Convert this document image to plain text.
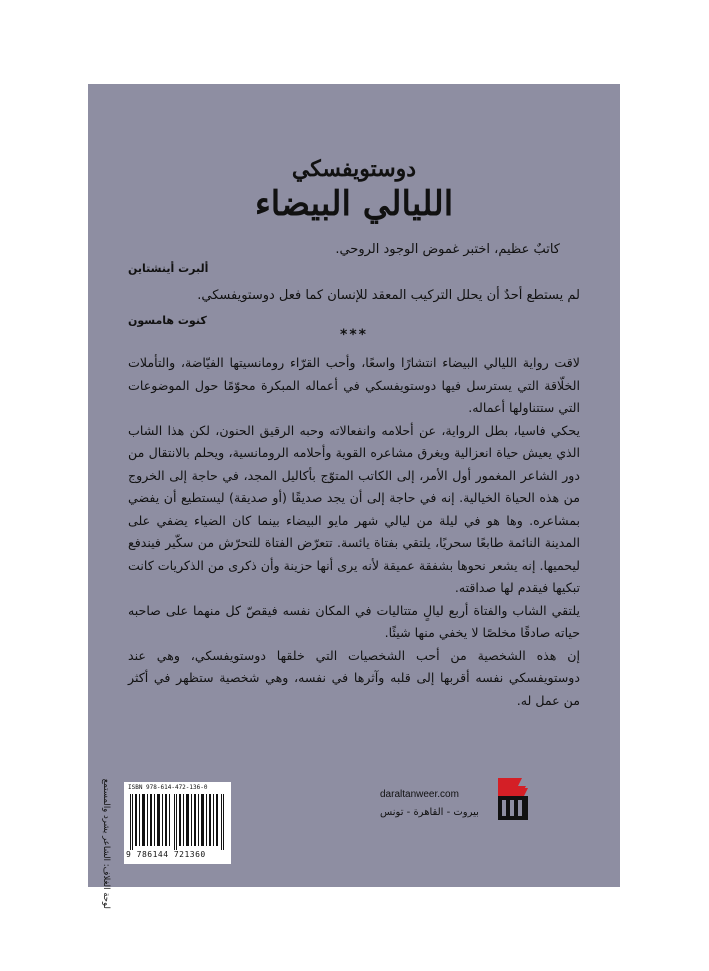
دوستويفسكي
الليالي البيضاء
كاتبٌ عظيم، اختبر غموض الوجود الروحي.
ألبرت أينشتاين
لم يستطع أحدٌ أن يحلل التركيب المعقد للإنسان كما فعل دوستويفسكي.
كنوت هامسون
***

لاقت رواية الليالي البيضاء انتشارًا واسعًا، وأحب القرّاء رومانسيتها الفيّاضة، والتأملات الخلّاقة التي يسترسل فيها دوستويفسكي في أعماله المبكرة محوّمًا حول الموضوعات التي ستتناولها أعماله.

يحكي فاسيا، بطل الرواية، عن أحلامه وانفعالاته وحبه الرقيق الحنون، لكن هذا الشاب الذي يعيش حياة انعزالية ويغرق مشاعره القوية وأحلامه الرومانسية، ويحلم بالانتقال من دور الشاعر المغمور أول الأمر، إلى الكاتب المتوّج بأكاليل المجد، في حاجة إلى الخروج من هذه الحياة الخيالية. إنه في حاجة إلى أن يجد صديقًا (أو صديقة) ليستطيع أن يفضي بمشاعره. وها هو في ليلة من ليالي شهر مايو البيضاء بينما كان الضياء يضفي على المدينة النائمة طابعًا سحريًا، يلتقي بفتاة يائسة. تتعرّض الفتاة للتحرّش من سكّير فيندفع ليحميها. إنه يشعر نحوها بشفقة عميقة لأنه يرى أنها حزينة وأن ذكرى من الذكريات كانت تبكيها فيقدم لها صداقته.

يلتقي الشاب والفتاة أربع ليالٍ متتاليات في المكان نفسه فيقصّ كل منهما على صاحبه حياته صادقًا مخلصًا لا يخفي منها شيئًا.

إن هذه الشخصية من أحب الشخصيات التي خلقها دوستويفسكي، وهي عند دوستويفسكي نفسه أقربها إلى قلبه وآثرها في نفسه، وهي شخصية ستظهر في أكثر من عمل له.

لوحة الغلاف: الشاعر يشرد والمستمع	ISBN 978-614-472-136-0
9 786144 721360
daraltanweer.com
بيروت - القاهرة - تونس
